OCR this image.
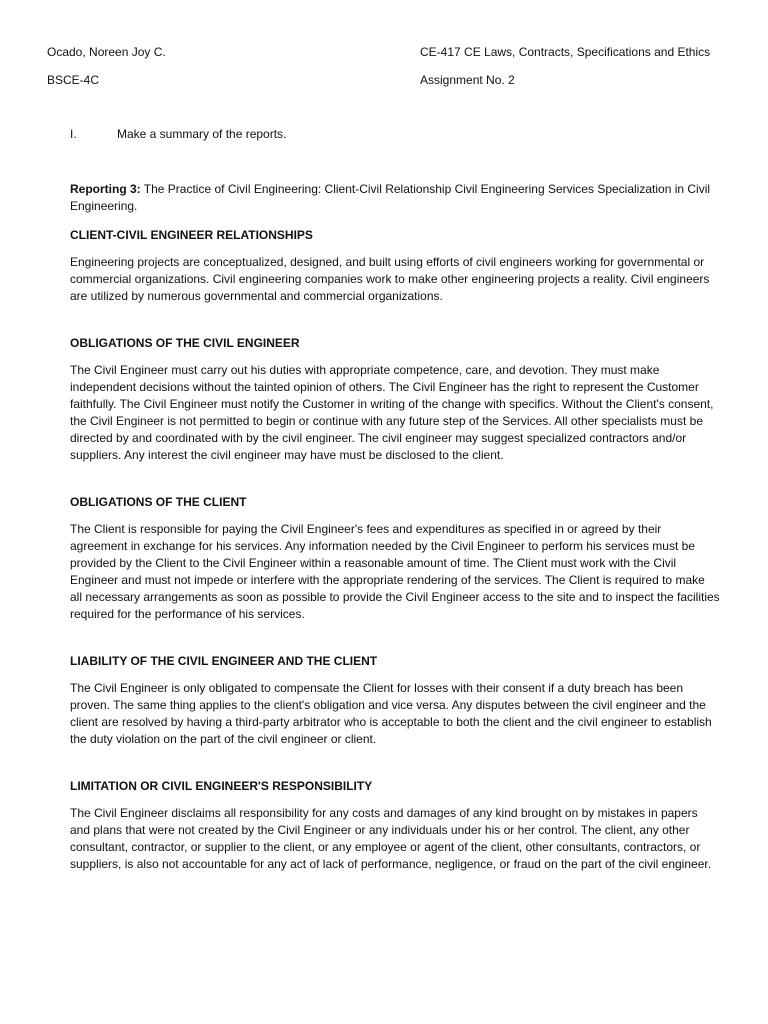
Ocado, Noreen Joy C.	CE-417 CE Laws, Contracts, Specifications and Ethics
BSCE-4C	Assignment No. 2
I.	Make a summary of the reports.

Reporting 3: The Practice of Civil Engineering: Client-Civil Relationship Civil Engineering Services Specialization in Civil Engineering.

CLIENT-CIVIL ENGINEER RELATIONSHIPS

Engineering projects are conceptualized, designed, and built using efforts of civil engineers working for governmental or commercial organizations. Civil engineering companies work to make other engineering projects a reality. Civil engineers are utilized by numerous governmental and commercial organizations.

OBLIGATIONS OF THE CIVIL ENGINEER

The Civil Engineer must carry out his duties with appropriate competence, care, and devotion. They must make independent decisions without the tainted opinion of others. The Civil Engineer has the right to represent the Customer faithfully. The Civil Engineer must notify the Customer in writing of the change with specifics. Without the Client's consent, the Civil Engineer is not permitted to begin or continue with any future step of the Services. All other specialists must be directed by and coordinated with by the civil engineer. The civil engineer may suggest specialized contractors and/or suppliers. Any interest the civil engineer may have must be disclosed to the client.

OBLIGATIONS OF THE CLIENT

The Client is responsible for paying the Civil Engineer's fees and expenditures as specified in or agreed by their agreement in exchange for his services. Any information needed by the Civil Engineer to perform his services must be provided by the Client to the Civil Engineer within a reasonable amount of time. The Client must work with the Civil Engineer and must not impede or interfere with the appropriate rendering of the services. The Client is required to make all necessary arrangements as soon as possible to provide the Civil Engineer access to the site and to inspect the facilities required for the performance of his services.

LIABILITY OF THE CIVIL ENGINEER AND THE CLIENT

The Civil Engineer is only obligated to compensate the Client for losses with their consent if a duty breach has been proven. The same thing applies to the client's obligation and vice versa. Any disputes between the civil engineer and the client are resolved by having a third-party arbitrator who is acceptable to both the client and the civil engineer to establish the duty violation on the part of the civil engineer or client.

LIMITATION OR CIVIL ENGINEER'S RESPONSIBILITY

The Civil Engineer disclaims all responsibility for any costs and damages of any kind brought on by mistakes in papers and plans that were not created by the Civil Engineer or any individuals under his or her control. The client, any other consultant, contractor, or supplier to the client, or any employee or agent of the client, other consultants, contractors, or suppliers, is also not accountable for any act of lack of performance, negligence, or fraud on the part of the civil engineer.
